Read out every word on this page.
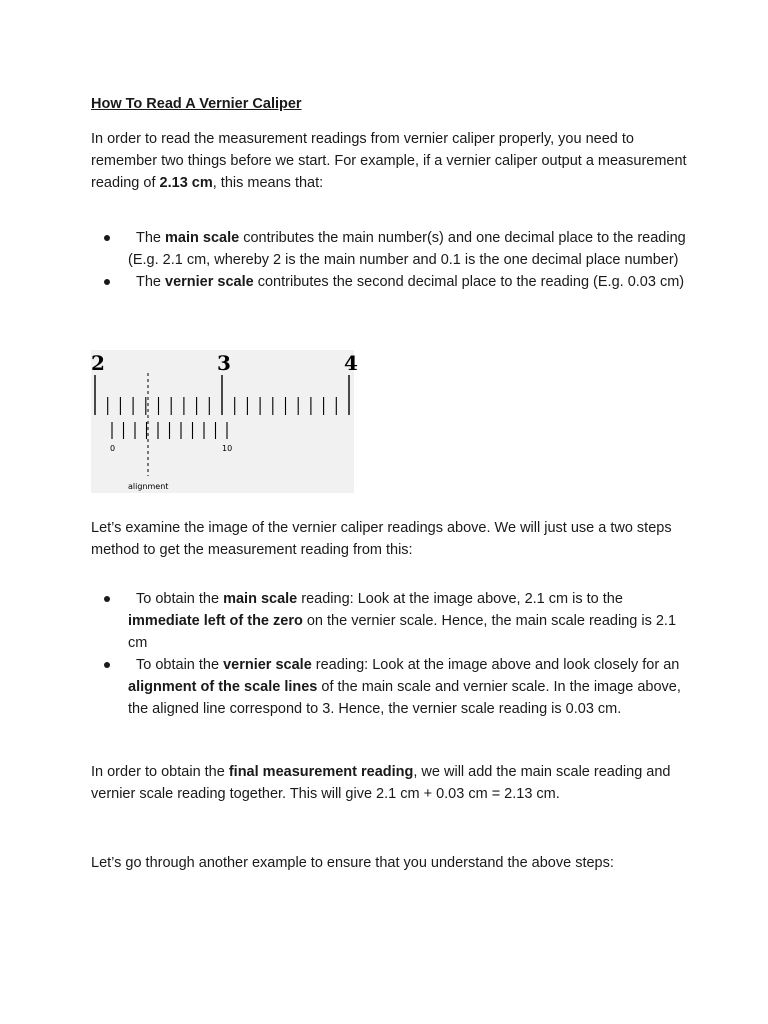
How To Read A Vernier Caliper

In order to read the measurement readings from vernier caliper properly, you need to remember two things before we start. For example, if a vernier caliper output a measurement reading of 2.13 cm, this means that:

The main scale contributes the main number(s) and one decimal place to the reading (E.g. 2.1 cm, whereby 2 is the main number and 0.1 is the one decimal place number)
The vernier scale contributes the second decimal place to the reading (E.g. 0.03 cm)
2	3	4
0	10
alignment

Let’s examine the image of the vernier caliper readings above. We will just use a two steps method to get the measurement reading from this:

To obtain the main scale reading: Look at the image above, 2.1 cm is to the immediate left of the zero on the vernier scale. Hence, the main scale reading is 2.1 cm
To obtain the vernier scale reading: Look at the image above and look closely for an alignment of the scale lines of the main scale and vernier scale. In the image above, the aligned line correspond to 3. Hence, the vernier scale reading is 0.03 cm.

In order to obtain the final measurement reading, we will add the main scale reading and vernier scale reading together. This will give 2.1 cm + 0.03 cm = 2.13 cm.

Let’s go through another example to ensure that you understand the above steps:
